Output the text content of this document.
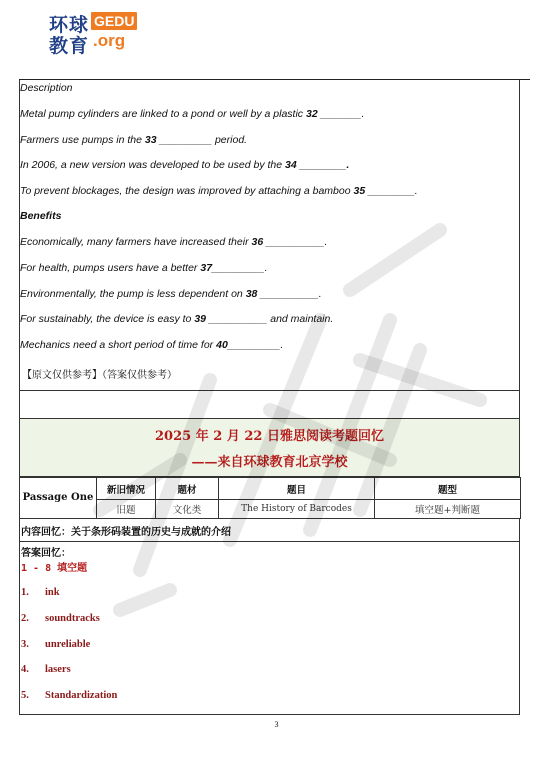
环球
教育
GEDU
.org
Description
Metal pump cylinders are linked to a pond or well by a plastic 32 _______.
Farmers use pumps in the 33 _________ period.
In 2006, a new version was developed to be used by the 34 ________.
To prevent blockages, the design was improved by attaching a bamboo 35 ________.
Benefits
Economically, many farmers have increased their 36 __________.
For health, pumps users have a better 37_________.
Environmentally, the pump is less dependent on 38 __________.
For sustainably, the device is easy to 39 __________ and maintain.
Mechanics need a short period of time for 40_________.
【原文仅供参考】（答案仅供参考）
2025 年 2 月 22 日雅思阅读考题回忆
——来自环球教育北京学校
Passage One	新旧情况	题材	题目	题型
	旧题	文化类	The History of Barcodes	填空题+判断题
内容回忆：关于条形码装置的历史与成就的介绍
答案回忆：
1 - 8 填空题
1. ink
2. soundtracks
3. unreliable
4. lasers
5. Standardization
3
